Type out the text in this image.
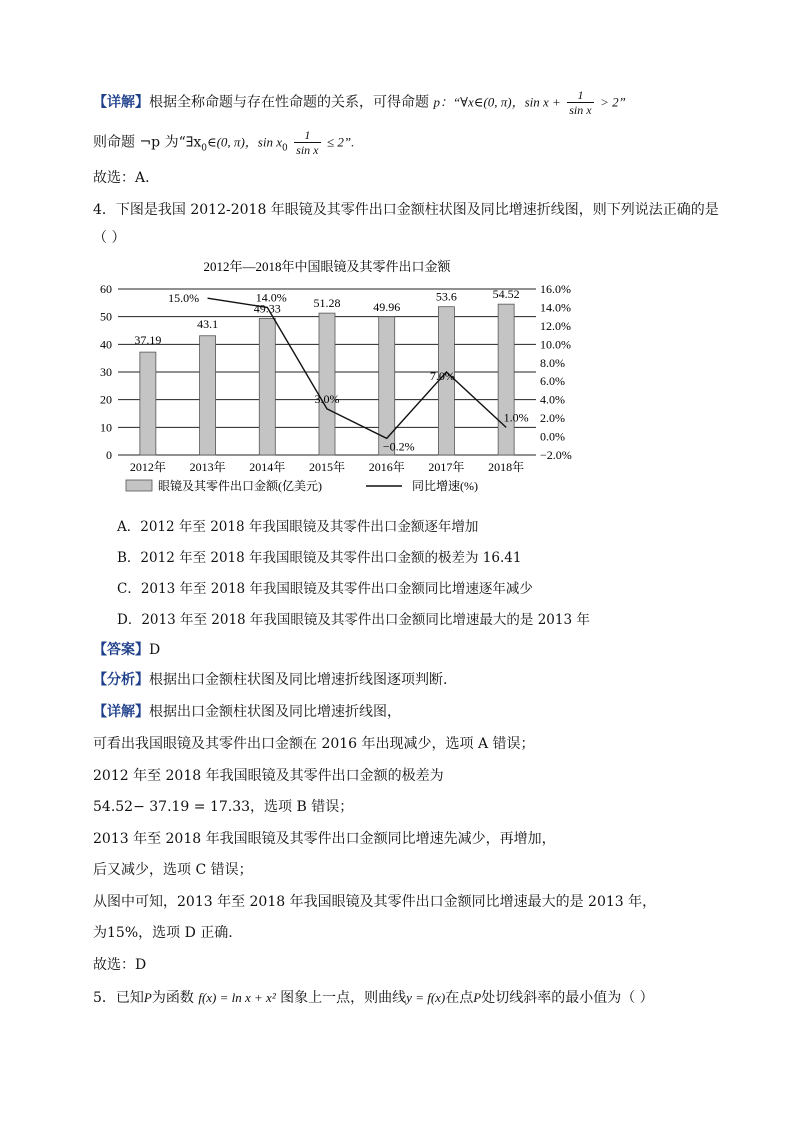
【详解】根据全称命题与存在性命题的关系，可得命题 p：“∀x∈(0, π)，$\sin x + \frac{1}{\text{sin x}} > 2$”
则命题 ¬p 为“$\exists x_0\in(0$, π)，$\sin x_0 \frac{1}{\text{sin x}} \le 2$”.
故选：A.
4．下图是我国 2012-2018 年眼镜及其零件出口金额柱状图及同比增速折线图，则下列说法正确的是
（ ）
2012年—2018年中国眼镜及其零件出口金额
0
10
20
30
40
50
60
−2.0%
0.0%
2.0%
4.0%
6.0%
8.0%
10.0%
12.0%
14.0%
16.0%
37.19
43.1
49.33	51.28	49.96
53.6	54.52
2012年 2013年 2014年 2015年 2016年 2017年 2018年
15.0%	14.0%
3.0%
−0.2%
7.0%
1.0%
眼镜及其零件出口金额(亿美元)	同比增速(%)
A．2012 年至 2018 年我国眼镜及其零件出口金额逐年增加
B．2012 年至 2018 年我国眼镜及其零件出口金额的极差为 16.41
C．2013 年至 2018 年我国眼镜及其零件出口金额同比增速逐年减少
D．2013 年至 2018 年我国眼镜及其零件出口金额同比增速最大的是 2013 年
【答案】D
【分析】根据出口金额柱状图及同比增速折线图逐项判断.
【详解】根据出口金额柱状图及同比增速折线图，
可看出我国眼镜及其零件出口金额在 2016 年出现减少，选项 A 错误；
2012 年至 2018 年我国眼镜及其零件出口金额的极差为
54.52− 37.19 = 17.33，选项 B 错误；
2013 年至 2018 年我国眼镜及其零件出口金额同比增速先减少，再增加，
后又减少，选项 C 错误；
从图中可知，2013 年至 2018 年我国眼镜及其零件出口金额同比增速最大的是 2013 年，
为15%，选项 D 正确.
故选：D
5．已知P为函数 f(x) = ln x + x² 图象上一点，则曲线y = f(x)在点P处切线斜率的最小值为（ ）
